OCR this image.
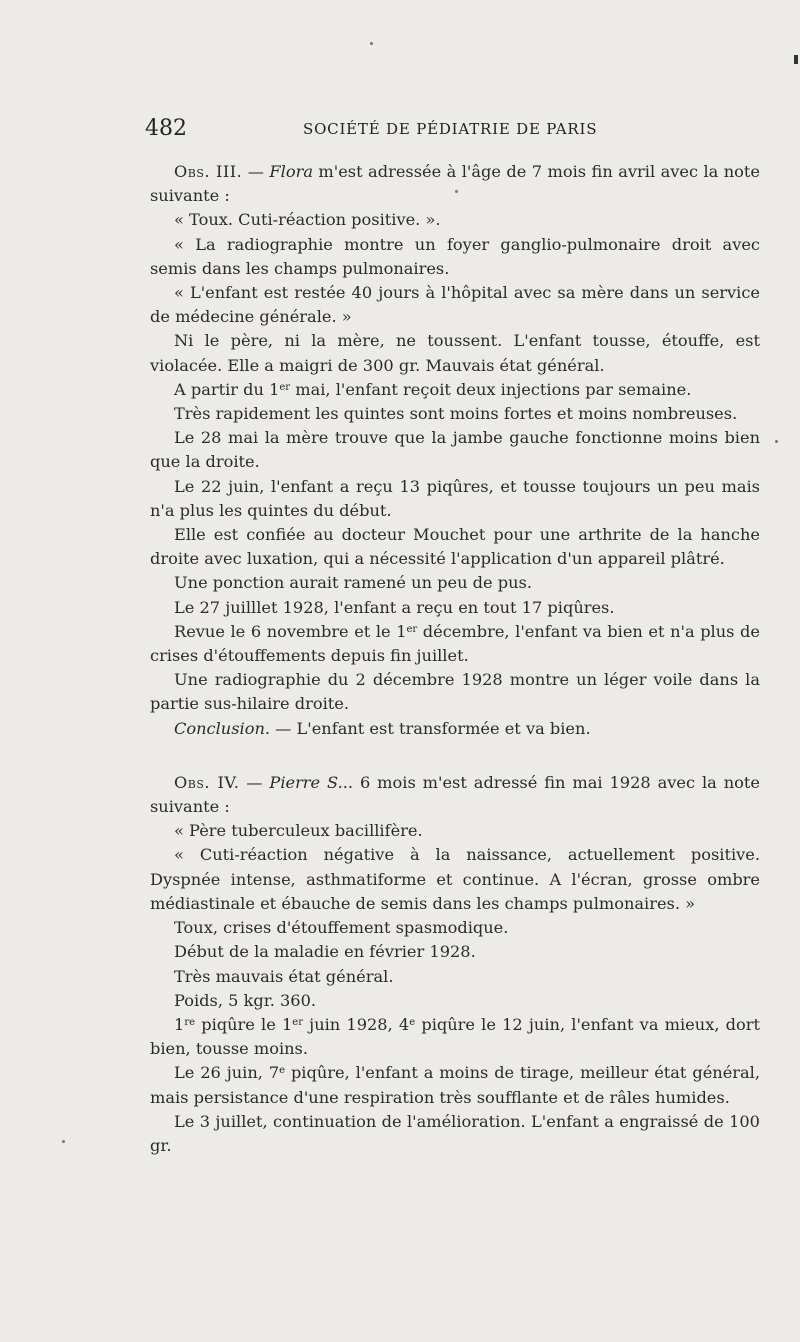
482	SOCIÉTÉ DE PÉDIATRIE DE PARIS

Obs. III. — Flora m'est adressée à l'âge de 7 mois fin avril avec la note suivante :

« Toux. Cuti-réaction positive. ».

« La radiographie montre un foyer ganglio-pulmonaire droit avec semis dans les champs pulmonaires.

« L'enfant est restée 40 jours à l'hôpital avec sa mère dans un service de médecine générale. »

Ni le père, ni la mère, ne toussent. L'enfant tousse, étouffe, est violacée. Elle a maigri de 300 gr. Mauvais état général.

A partir du 1er mai, l'enfant reçoit deux injections par semaine.

Très rapidement les quintes sont moins fortes et moins nombreuses.

Le 28 mai la mère trouve que la jambe gauche fonctionne moins bien que la droite.

Le 22 juin, l'enfant a reçu 13 piqûres, et tousse toujours un peu mais n'a plus les quintes du début.

Elle est confiée au docteur Mouchet pour une arthrite de la hanche droite avec luxation, qui a nécessité l'application d'un appareil plâtré.

Une ponction aurait ramené un peu de pus.

Le 27 juilllet 1928, l'enfant a reçu en tout 17 piqûres.

Revue le 6 novembre et le 1er décembre, l'enfant va bien et n'a plus de crises d'étouffements depuis fin juillet.

Une radiographie du 2 décembre 1928 montre un léger voile dans la partie sus-hilaire droite.

Conclusion. — L'enfant est transformée et va bien.

Obs. IV. — Pierre S... 6 mois m'est adressé fin mai 1928 avec la note suivante :

« Père tuberculeux bacillifère.

« Cuti-réaction négative à la naissance, actuellement positive. Dyspnée intense, asthmatiforme et continue. A l'écran, grosse ombre médiastinale et ébauche de semis dans les champs pulmonaires. »

Toux, crises d'étouffement spasmodique.

Début de la maladie en février 1928.

Très mauvais état général.

Poids, 5 kgr. 360.

1re piqûre le 1er juin 1928, 4e piqûre le 12 juin, l'enfant va mieux, dort bien, tousse moins.

Le 26 juin, 7e piqûre, l'enfant a moins de tirage, meilleur état général, mais persistance d'une respiration très soufflante et de râles humides.

Le 3 juillet, continuation de l'amélioration. L'enfant a engraissé de 100 gr.
